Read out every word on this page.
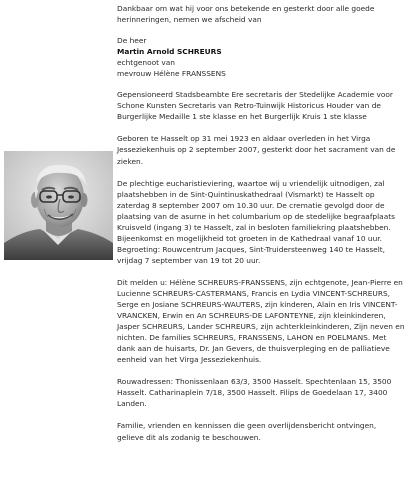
Dankbaar om wat hij voor ons betekende en gesterkt door alle goede herinneringen, nemen we afscheid van

De heer

Martin Arnold SCHREURS

echtgenoot van

mevrouw Hélène FRANSSENS

Gepensioneerd Stadsbeambte Ere secretaris der Stedelijke Academie voor Schone Kunsten Secretaris van Retro-Tuinwijk Historicus Houder van de Burgerlijke Medaille 1 ste klasse en het Burgerlijk Kruis 1 ste klasse

Geboren te Hasselt op 31 mei 1923 en aldaar overleden in het Virga Jesseziekenhuis op 2 september 2007, gesterkt door het sacrament van de zieken.

De plechtige eucharistieviering, waartoe wij u vriendelijk uitnodigen, zal plaatshebben in de Sint-Quintinuskathedraal (Vismarkt) te Hasselt op zaterdag 8 september 2007 om 10.30 uur. De crematie gevolgd door de plaatsing van de asurne in het columbarium op de stedelijke begraafplaats Kruisveld (ingang 3) te Hasselt, zal in besloten familiekring plaatshebben. Bijeenkomst en mogelijkheid tot groeten in de Kathedraal vanaf 10 uur. Begroeting: Rouwcentrum Jacques, Sint-Truidersteenweg 140 te Hasselt, vrijdag 7 september van 19 tot 20 uur.

Dit melden u: Hélène SCHREURS-FRANSSENS, zijn echtgenote, Jean-Pierre en Lucienne SCHREURS-CASTERMANS, Francis en Lydia VINCENT-SCHREURS, Serge en Josiane SCHREURS-WAUTERS, zijn kinderen, Alain en Iris VINCENT-VRANCKEN, Erwin en An SCHREURS-DE LAFONTEYNE, zijn kleinkinderen, Jasper SCHREURS, Lander SCHREURS, zijn achterkleinkinderen, Zijn neven en nichten. De families SCHREURS, FRANSSENS, LAHON en POELMANS. Met dank aan de huisarts, Dr. Jan Gevers, de thuisverpleging en de palliatieve eenheid van het Virga Jesseziekenhuis.

Rouwadressen: Thonissenlaan 63/3, 3500 Hasselt. Spechtenlaan 15, 3500 Hasselt. Catharinaplein 7/18, 3500 Hasselt. Filips de Goedelaan 17, 3400 Landen.

Familie, vrienden en kennissen die geen overlijdensbericht ontvingen, gelieve dit als zodanig te beschouwen.
